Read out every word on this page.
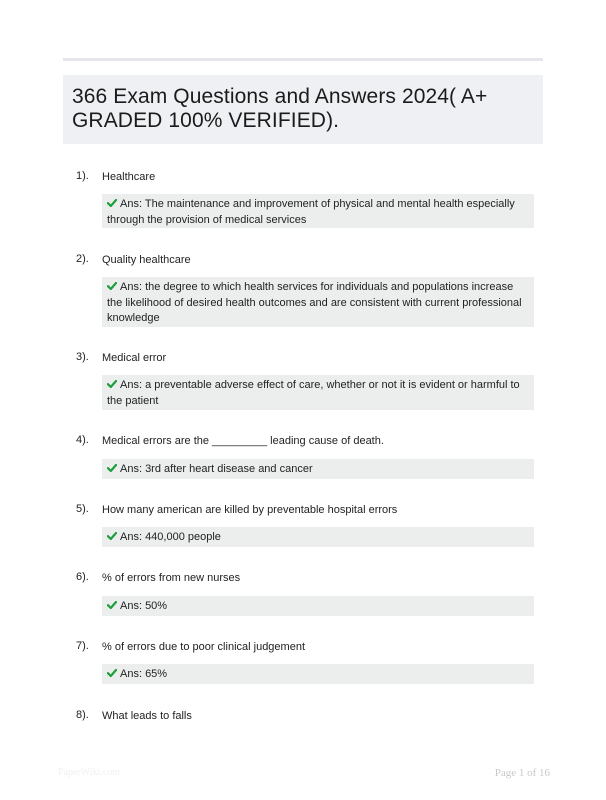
366 Exam Questions and Answers 2024( A+ GRADED 100% VERIFIED).
1). Healthcare
Ans: The maintenance and improvement of physical and mental health especially through the provision of medical services
2). Quality healthcare
Ans: the degree to which health services for individuals and populations increase the likelihood of desired health outcomes and are consistent with current professional knowledge
3). Medical error
Ans: a preventable adverse effect of care, whether or not it is evident or harmful to the patient
4). Medical errors are the _________ leading cause of death.
Ans: 3rd after heart disease and cancer
5). How many american are killed by preventable hospital errors
Ans: 440,000 people
6). % of errors from new nurses
Ans: 50%
7). % of errors due to poor clinical judgement
Ans: 65%
8). What leads to falls
PaperWiki.com	Page 1 of 16
